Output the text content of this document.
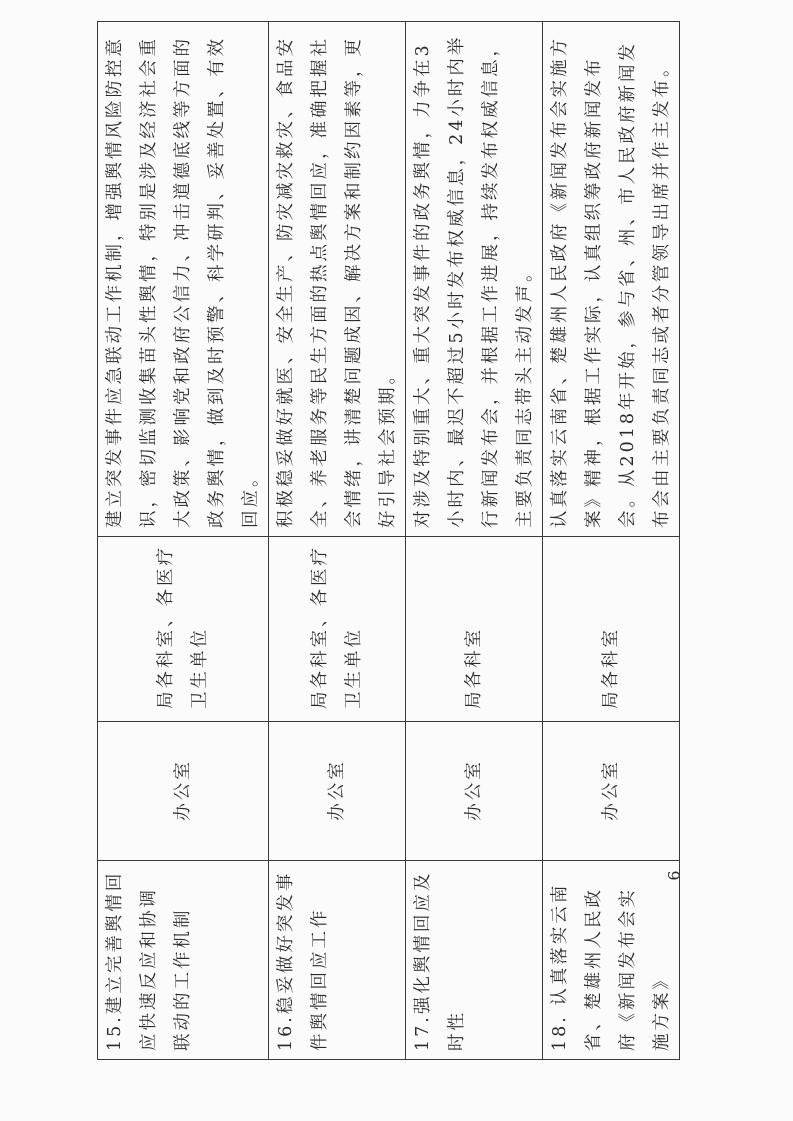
15.建立完善舆情回应快速反应和协调联动的工作机制	办公室	局各科室、各医疗卫生单位	建立突发事件应急联动工作机制，增强舆情风险防控意识，密切监测收集苗头性舆情，特别是涉及经济社会重大政策、影响党和政府公信力、冲击道德底线等方面的政务舆情，做到及时预警、科学研判、妥善处置、有效回应。
16.稳妥做好突发事件舆情回应工作	办公室	局各科室、各医疗卫生单位	积极稳妥做好就医、安全生产、防灾减灾救灾、食品安全、养老服务等民生方面的热点舆情回应，准确把握社会情绪，讲清楚问题成因、解决方案和制约因素等，更好引导社会预期。
17.强化舆情回应及时性	办公室	局各科室	对涉及特别重大、重大突发事件的政务舆情，力争在3小时内、最迟不超过5小时发布权威信息，24小时内举行新闻发布会，并根据工作进展，持续发布权威信息，主要负责同志带头主动发声。
18. 认真落实云南省、楚雄州人民政府《新闻发布会实施方案》	办公室	局各科室	认真落实云南省、楚雄州人民政府《新闻发布会实施方案》精神，根据工作实际，认真组织筹政府新闻发布会。从2018年开始，参与省、州、市人民政府新闻发布会由主要负责同志或者分管领导出席并作主发布。
6
